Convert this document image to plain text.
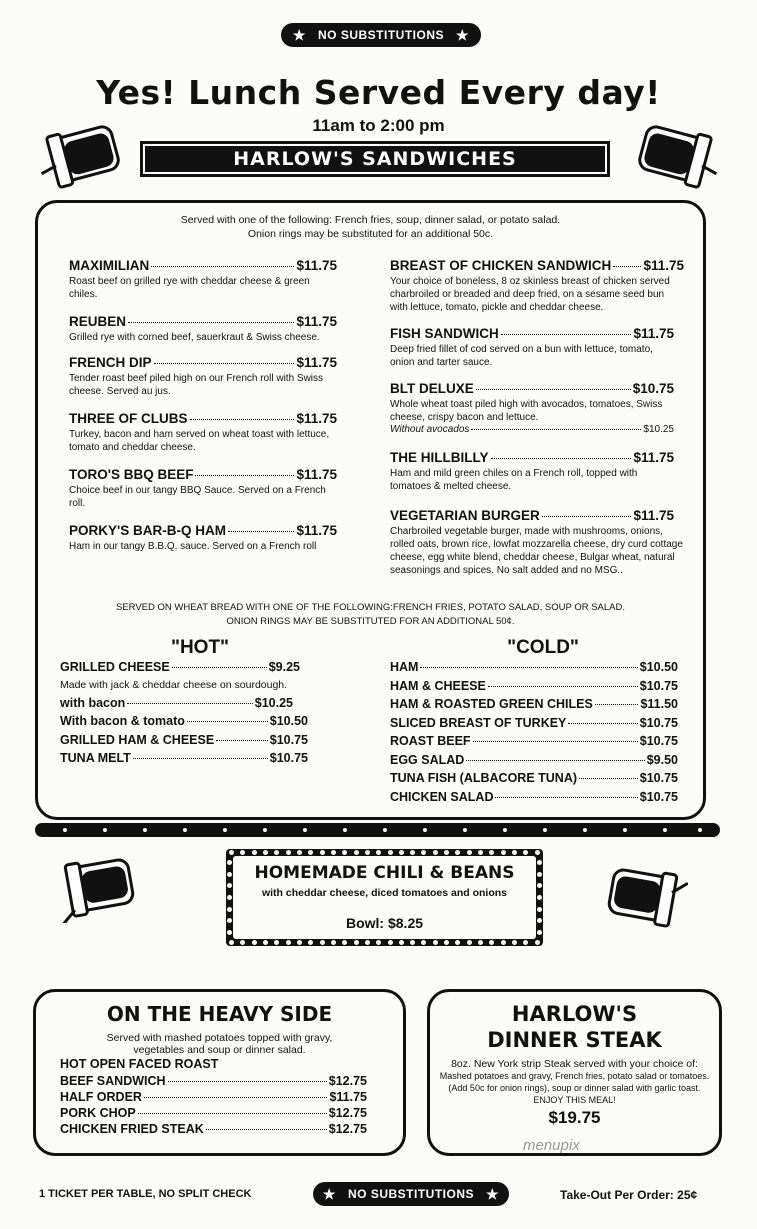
★ NO SUBSTITUTIONS ★
Yes! Lunch Served Every day!
11am to 2:00 pm
HARLOW'S SANDWICHES
Served with one of the following: French fries, soup, dinner salad, or potato salad.
Onion rings may be substituted for an additional 50c.
MAXIMILIAN	$11.75
Roast beef on grilled rye with cheddar cheese & green chiles.
REUBEN	$11.75
Grilled rye with corned beef, sauerkraut & Swiss cheese.
FRENCH DIP	$11.75
Tender roast beef piled high on our French roll with Swiss cheese. Served au jus.
THREE OF CLUBS	$11.75
Turkey, bacon and ham served on wheat toast with lettuce, tomato and cheddar cheese.
TORO'S BBQ BEEF	$11.75
Choice beef in our tangy BBQ Sauce. Served on a French roll.
PORKY'S BAR-B-Q HAM	$11.75
Ham in our tangy B.B.Q. sauce. Served on a French roll
BREAST OF CHICKEN SANDWICH $11.75
Your choice of boneless, 8 oz skinless breast of chicken served charbroiled or breaded and deep fried, on a sesame seed bun with lettuce, tomato, pickle and cheddar cheese.
FISH SANDWICH	$11.75
Deep fried fillet of cod served on a bun with lettuce, tomato, onion and tarter sauce.
BLT DELUXE	$10.75
Whole wheat toast piled high with avocados, tomatoes, Swiss cheese, crispy bacon and lettuce.
Without avocados	$10.25
THE HILLBILLY	$11.75
Ham and mild green chiles on a French roll, topped with tomatoes & melted cheese.
VEGETARIAN BURGER	$11.75
Charbroiled vegetable burger, made with mushrooms, onions, rolled oats, brown rice, lowfat mozzarella cheese, dry curd cottage cheese, egg white blend, cheddar cheese, Bulgar wheat, natural seasonings and spices. No salt added and no MSG..
SERVED ON WHEAT BREAD WITH ONE OF THE FOLLOWING:FRENCH FRIES, POTATO SALAD, SOUP OR SALAD.
ONION RINGS MAY BE SUBSTITUTED FOR AN ADDITIONAL 50¢.
"HOT"
GRILLED CHEESE	$9.25
Made with jack & cheddar cheese on sourdough.
with bacon	$10.25
With bacon & tomato	$10.50
GRILLED HAM & CHEESE	$10.75
TUNA MELT	$10.75
"COLD"
HAM	$10.50
HAM & CHEESE	$10.75
HAM & ROASTED GREEN CHILES	$11.50
SLICED BREAST OF TURKEY	$10.75
ROAST BEEF	$10.75
EGG SALAD	$9.50
TUNA FISH (ALBACORE TUNA)	$10.75
CHICKEN SALAD	$10.75
HOMEMADE CHILI & BEANS
with cheddar cheese, diced tomatoes and onions
Bowl: $8.25
ON THE HEAVY SIDE
Served with mashed potatoes topped with gravy,
vegetables and soup or dinner salad.
HOT OPEN FACED ROAST
BEEF SANDWICH	$12.75
HALF ORDER	$11.75
PORK CHOP	$12.75
CHICKEN FRIED STEAK	$12.75
HARLOW'S
DINNER STEAK
8oz. New York strip Steak served with your choice of:
Mashed potatoes and gravy, French fries, potato salad or tomatoes.
(Add 50c for onion rings), soup or dinner salad with garlic toast.
ENJOY THIS MEAL!
$19.75
menupix
1 TICKET PER TABLE, NO SPLIT CHECK	★ NO SUBSTITUTIONS ★	Take-Out Per Order: 25¢
